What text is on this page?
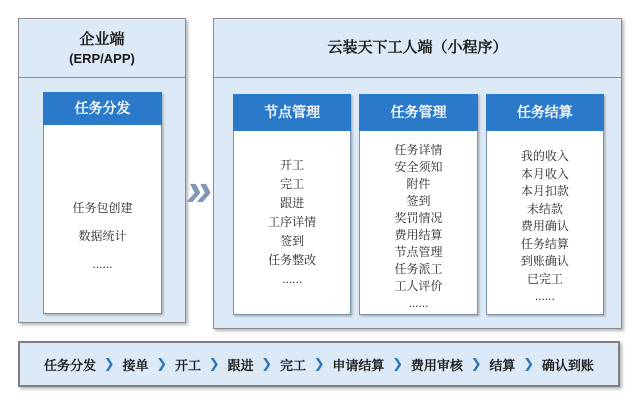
企业端
(ERP/APP)
任务分发
任务包创建
数据统计
......
»
云装天下工人端（小程序）
节点管理
开工
完工
跟进
工序详情
签到
任务整改
......
任务管理
任务详情
安全须知
附件
签到
奖罚情况
费用结算
节点管理
任务派工
工人评价
......
任务结算
我的收入
本月收入
本月扣款
未结款
费用确认
任务结算
到账确认
已完工
......
任务分发 ❯ 接单 ❯ 开工 ❯ 跟进 ❯ 完工 ❯ 申请结算 ❯ 费用审核 ❯ 结算 ❯ 确认到账
